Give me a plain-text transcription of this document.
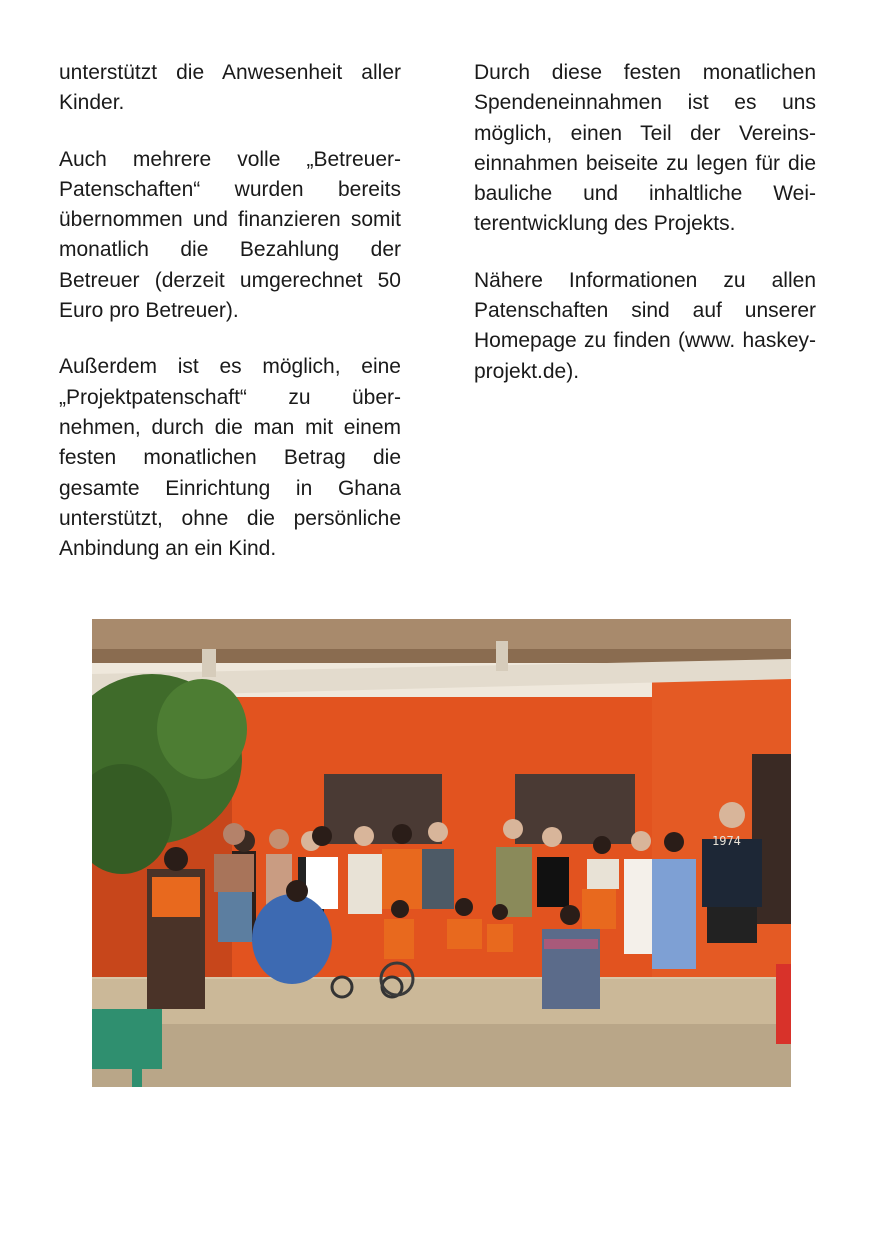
unterstützt die Anwesenheit aller Kinder.

Auch mehrere volle „Betreuer-Patenschaften“ wurden bereits übernommen und finanzieren somit monatlich die Bezahlung der Betreuer (derzeit umgerechnet 50 Euro pro Betreuer).

Außerdem ist es möglich, eine „Projektpatenschaft“ zu übernehmen, durch die man mit einem festen monatlichen Betrag die gesamte Einrichtung in Ghana unterstützt, ohne die persönliche Anbindung an ein Kind.

Durch diese festen monatlichen Spendeneinnahmen ist es uns möglich, einen Teil der Vereinseinnahmen beiseite zu legen für die bauliche und inhaltliche Weiterentwicklung des Projekts.

Nähere Informationen zu allen Patenschaften sind auf unserer Homepage zu finden (www. haskey-projekt.de).

1974
